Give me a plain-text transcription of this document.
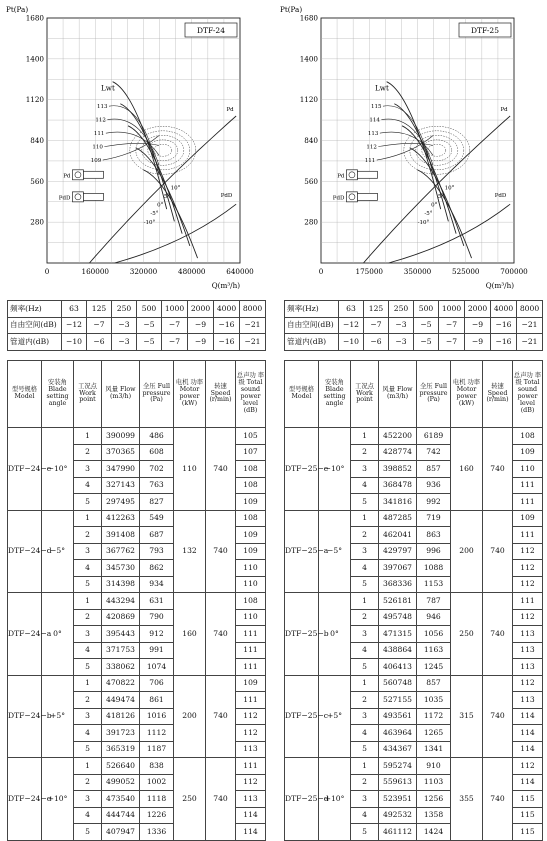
1680
1400
1120
840
560
280
0	160000	320000	480000	640000
Pt(Pa)
Q(m³/h)
DTF-24
10°
5°
0°
-5°
-10°
Lwt
113
112
111
110
109
Pd
PdD
Pd
PdD
1680
1400
1120
840
560
280
0	175000	350000	525000	700000
Pt(Pa)
Q(m³/h)
DTF-25
10°
5°
0°
-5°
-10°
Lwt
115
114
113
112
111
Pd
PdD
Pd
PdD
频率(Hz)	63	125	250	500	1000	2000	4000	8000
自由空间(dB)	−12	−7	−3	−5	−7	−9	−16	−21
管道内(dB)	−10	−6	−3	−5	−7	−9	−16	−21
频率(Hz)	63	125	250	500	1000	2000	4000	8000
自由空间(dB)	−12	−7	−3	−5	−7	−9	−16	−21
管道内(dB)	−10	−6	−3	−5	−7	−9	−16	−21
型号规格 Model	安装角 Blade setting angle	工况点 Work point	风量 Flow (m3/h)	全压 Full pressure (Pa)	电机 功率 Motor power (kW)	转速 Speed (r/min)	总声功 率级 Total sound power level (dB)
DTF−24−e	−10°	1	390099	486	110	740	105
		2	370365	608			107
		3	347990	702			108
		4	327143	763			108
		5	297495	827			109
DTF−24−d	−5°	1	412263	549	132	740	108
		2	391408	687			109
		3	367762	793			109
		4	345730	862			110
		5	314398	934			110
DTF−24−a	0°	1	443294	631	160	740	108
		2	420869	790			110
		3	395443	912			111
		4	371753	991			111
		5	338062	1074			111
DTF−24−b	+5°	1	470822	706	200	740	109
		2	449474	861			111
		3	418126	1016			112
		4	391723	1112			112
		5	365319	1187			113
DTF−24−c	+10°	1	526640	838	250	740	111
		2	499052	1002			112
		3	473540	1118			113
		4	444744	1226			114
		5	407947	1336			114
型号规格 Model	安装角 Blade setting angle	工况点 Work point	风量 Flow (m3/h)	全压 Full pressure (Pa)	电机 功率 Motor power (kW)	转速 Speed (r/min)	总声功 率级 Total sound power level (dB)
DTF−25−e	−10°	1	452200	6189	160	740	108
		2	428774	742			109
		3	398852	857			110
		4	368478	936			111
		5	341816	992			111
DTF−25−a	−5°	1	487285	719	200	740	109
		2	462041	863			111
		3	429797	996			112
		4	397067	1088			112
		5	368336	1153			112
DTF−25−b	0°	1	526181	787	250	740	111
		2	495748	946			112
		3	471315	1056			113
		4	438864	1163			113
		5	406413	1245			113
DTF−25−c	+5°	1	560748	857	315	740	112
		2	527155	1035			113
		3	493561	1172			114
		4	463964	1265			114
		5	434367	1341			114
DTF−25−d	+10°	1	595274	910	355	740	112
		2	559613	1103			114
		3	523951	1256			115
		4	492532	1358			115
		5	461112	1424			115
